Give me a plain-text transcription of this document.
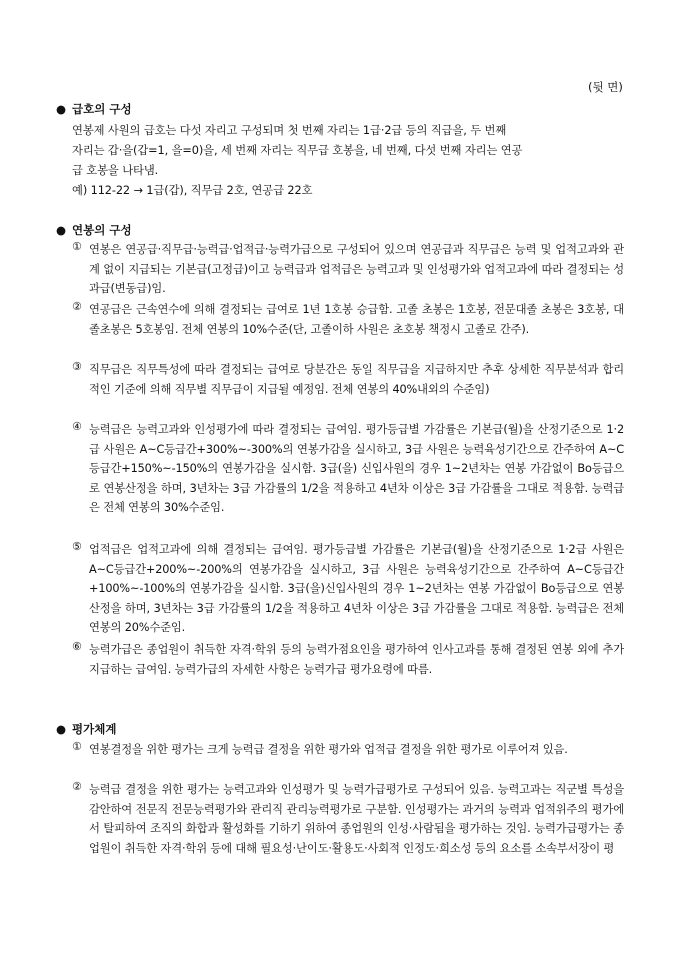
(뒷 면)
● 급호의 구성
연봉제 사원의 급호는 다섯 자리고 구성되며 첫 번째 자리는 1급·2급 등의 직급을, 두 번째
자리는 갑·을(갑=1, 을=0)을, 세 번째 자리는 직무급 호봉을, 네 번째, 다섯 번째 자리는 연공
급 호봉을 나타냄.
예) 112-22 → 1급(갑), 직무급 2호, 연공급 22호
● 연봉의 구성
① 연봉은 연공급·직무급·능력급·업적급·능력가급으로 구성되어 있으며 연공급과 직무급은 능력 및 업적고과와 관계 없이 지급되는 기본급(고정급)이고 능력급과 업적급은 능력고과 및 인성평가와 업적고과에 따라 결정되는 성과급(변동급)임.
② 연공급은 근속연수에 의해 결정되는 급여로 1년 1호봉 승급함. 고졸 초봉은 1호봉, 전문대졸 초봉은 3호봉, 대졸초봉은 5호봉임. 전체 연봉의 10%수준(단, 고졸이하 사원은 초호봉 책정시 고졸로 간주).
③ 직무급은 직무특성에 따라 결정되는 급여로 당분간은 동일 직무급을 지급하지만 추후 상세한 직무분석과 합리적인 기준에 의해 직무별 직무급이 지급될 예정임. 전체 연봉의 40%내외의 수준임)
④ 능력급은 능력고과와 인성평가에 따라 결정되는 급여임. 평가등급별 가감률은 기본급(월)을 산정기준으로 1·2급 사원은 A~C등급간+300%~-300%의 연봉가감을 실시하고, 3급 사원은 능력육성기간으로 간주하여 A~C등급간+150%~-150%의 연봉가감을 실시함. 3급(을) 신입사원의 경우 1~2년차는 연봉 가감없이 Bo등급으로 연봉산정을 하며, 3년차는 3급 가감률의 1/2을 적용하고 4년차 이상은 3급 가감률을 그대로 적용함. 능력급은 전체 연봉의 30%수준임.
⑤ 업적급은 업적고과에 의해 결정되는 급여임. 평가등급별 가감률은 기본급(월)을 산정기준으로 1·2급 사원은 A~C등급간+200%~-200%의 연봉가감을 실시하고, 3급 사원은 능력육성기간으로 간주하여 A~C등급간+100%~-100%의 연봉가감을 실시함. 3급(을)신입사원의 경우 1~2년차는 연봉 가감없이 Bo등급으로 연봉산정을 하며, 3년차는 3급 가감률의 1/2을 적용하고 4년차 이상은 3급 가감률을 그대로 적용함. 능력급은 전체 연봉의 20%수준임.
⑥ 능력가급은 종업원이 취득한 자격·학위 등의 능력가점요인을 평가하여 인사고과를 통해 결정된 연봉 외에 추가지급하는 급여임. 능력가급의 자세한 사항은 능력가급 평가요령에 따름.
● 평가체계
① 연봉결정을 위한 평가는 크게 능력급 결정을 위한 평가와 업적급 결정을 위한 평가로 이루어져 있음.
② 능력급 결정을 위한 평가는 능력고과와 인성평가 및 능력가급평가로 구성되어 있음. 능력고과는 직군별 특성을 감안하여 전문직 전문능력평가와 관리직 관리능력평가로 구분함. 인성평가는 과거의 능력과 업적위주의 평가에서 탈피하여 조직의 화합과 활성화를 기하기 위하여 종업원의 인성·사람됨을 평가하는 것임. 능력가급평가는 종업원이 취득한 자격·학위 등에 대해 필요성·난이도·활용도·사회적 인정도·희소성 등의 요소를 소속부서장이 평
